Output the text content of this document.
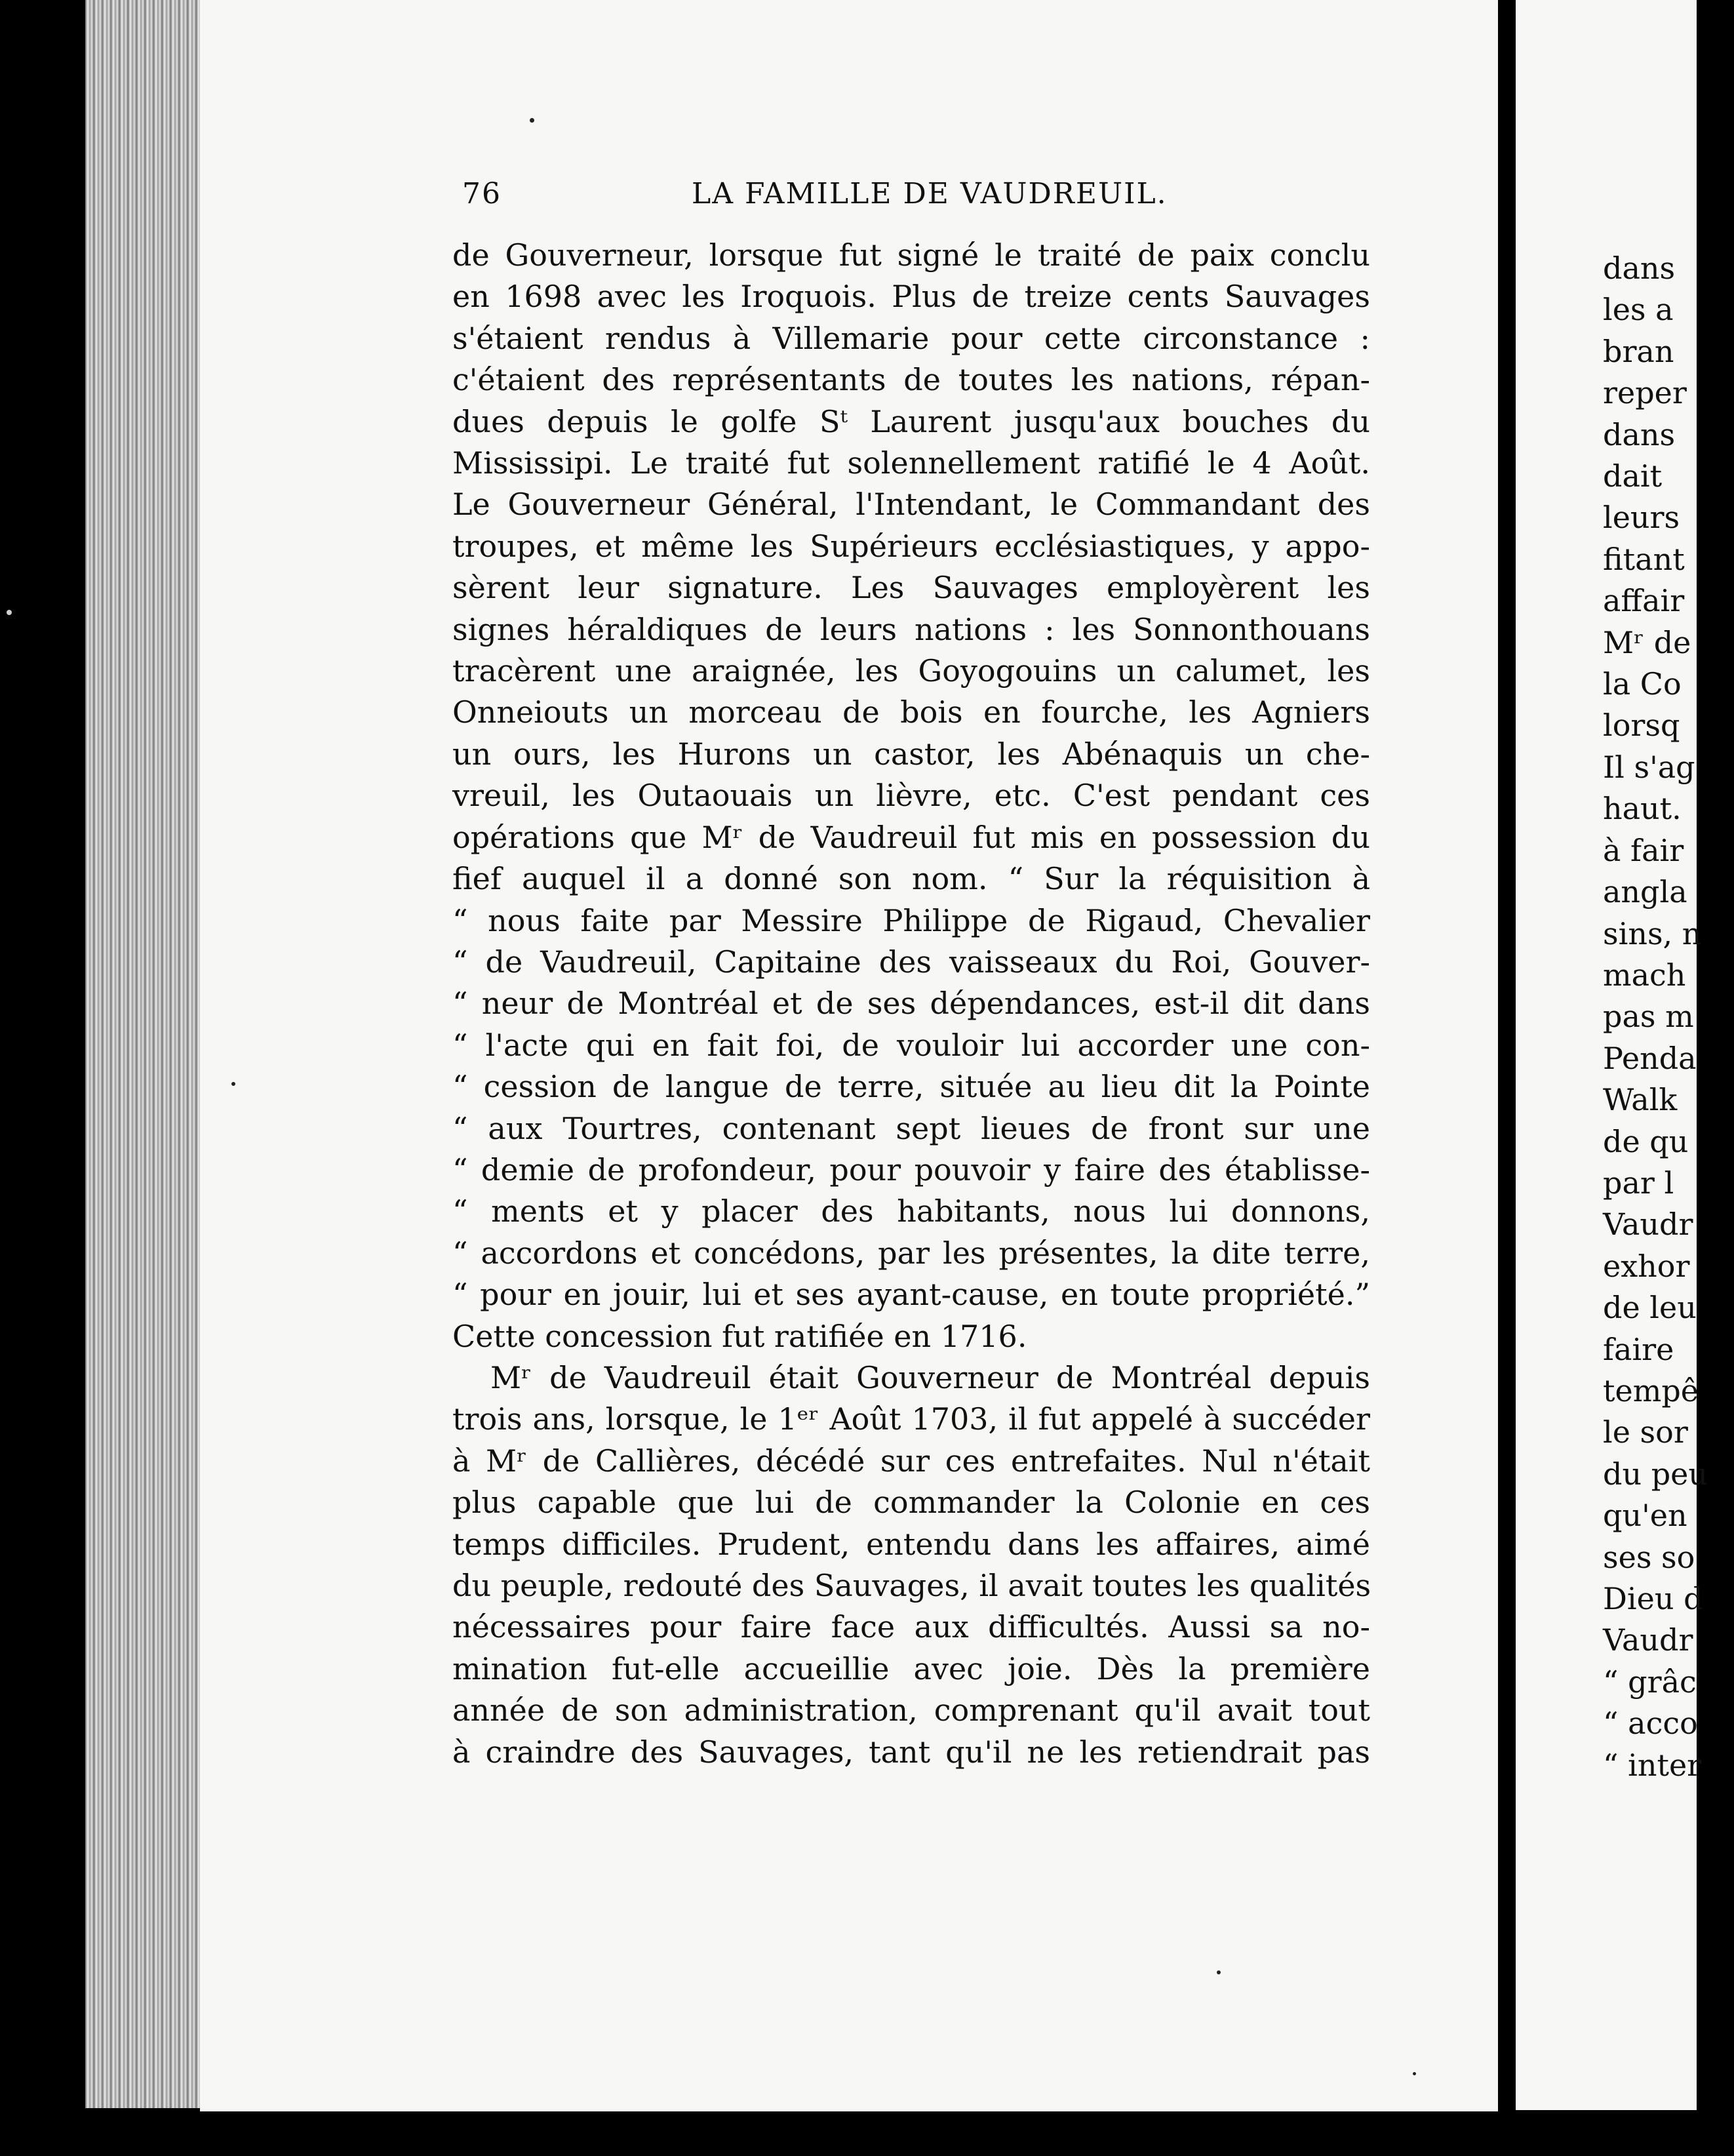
76	LA FAMILLE DE VAUDREUIL.
de Gouverneur, lorsque fut signé le traité de paix conclu
en 1698 avec les Iroquois. Plus de treize cents Sauvages
s'étaient rendus à Villemarie pour cette circonstance :
c'étaient des représentants de toutes les nations, répan-
dues depuis le golfe Sᵗ Laurent jusqu'aux bouches du
Mississipi. Le traité fut solennellement ratifié le 4 Août.
Le Gouverneur Général, l'Intendant, le Commandant des
troupes, et même les Supérieurs ecclésiastiques, y appo-
sèrent leur signature. Les Sauvages employèrent les
signes héraldiques de leurs nations : les Sonnonthouans
tracèrent une araignée, les Goyogouins un calumet, les
Onneiouts un morceau de bois en fourche, les Agniers
un ours, les Hurons un castor, les Abénaquis un che-
vreuil, les Outaouais un lièvre, etc. C'est pendant ces
opérations que Mʳ de Vaudreuil fut mis en possession du
fief auquel il a donné son nom. “ Sur la réquisition à
“ nous faite par Messire Philippe de Rigaud, Chevalier
“ de Vaudreuil, Capitaine des vaisseaux du Roi, Gouver-
“ neur de Montréal et de ses dépendances, est-il dit dans
“ l'acte qui en fait foi, de vouloir lui accorder une con-
“ cession de langue de terre, située au lieu dit la Pointe
“ aux Tourtres, contenant sept lieues de front sur une
“ demie de profondeur, pour pouvoir y faire des établisse-
“ ments et y placer des habitants, nous lui donnons,
“ accordons et concédons, par les présentes, la dite terre,
“ pour en jouir, lui et ses ayant-cause, en toute propriété.”
Cette concession fut ratifiée en 1716.
Mʳ de Vaudreuil était Gouverneur de Montréal depuis
trois ans, lorsque, le 1ᵉʳ Août 1703, il fut appelé à succéder
à Mʳ de Callières, décédé sur ces entrefaites. Nul n'était
plus capable que lui de commander la Colonie en ces
temps difficiles. Prudent, entendu dans les affaires, aimé
du peuple, redouté des Sauvages, il avait toutes les qualités
nécessaires pour faire face aux difficultés. Aussi sa no-
mination fut-elle accueillie avec joie. Dès la première
année de son administration, comprenant qu'il avait tout
à craindre des Sauvages, tant qu'il ne les retiendrait pas
dans
les a
bran
reper
dans
dait
leurs
fitant
affair
Mʳ de
la Co
lorsq
Il s'ag
haut.
à fair
angla
sins, n
mach
pas m
Penda
Walk
de qu
par l
Vaudr
exhor
de leu
faire
tempê
le sor
du peu
qu'en
ses so
Dieu d
Vaudr
“ grâc
“ acco
“ inter
